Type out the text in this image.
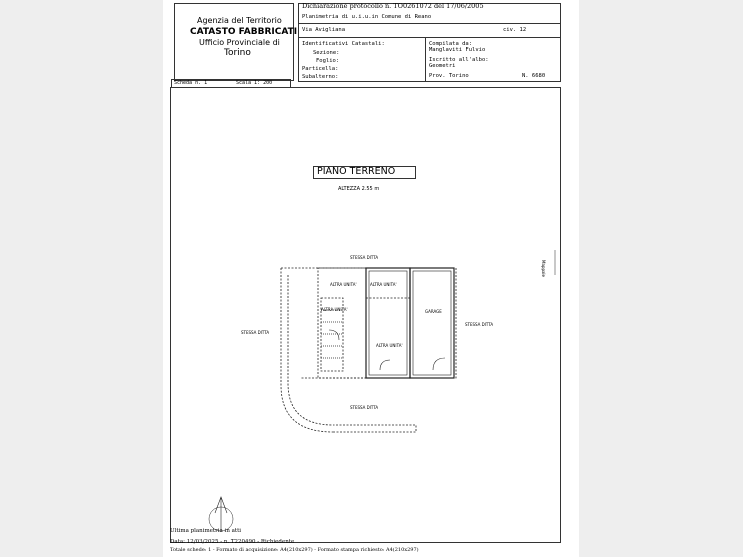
Agenzia del Territorio
CATASTO FABBRICATI
Ufficio Provinciale di
Torino
Dichiarazione protocollo n. TO0261072 del 17/06/2005
Planimetria di u.i.u.in Comune di Reano
Via Avigliana	civ. 12
Identificativi Catastali:
Sezione:
Foglio:
Particella:
Subalterno:
Compilata da:
Manglaviti Fulvio
Iscritto all'albo:
Geometri
Prov. Torino	N. 6680
Scheda n. 1	Scala 1: 200
PIANO TERRENO
ALTEZZA 2.55 m
STESSA DITTA
STESSA DITTA
STESSA DITTA
STESSA DITTA
ALTRA UNITA'	ALTRA UNITA'
ALTRA UNITA'
ALTRA UNITA'
GARAGE
Mappale
Ultima planimetria in atti
Data: 12/03/2025 - n. T220490 - Richiedente
Totale schede: 1 - Formato di acquisizione: A4(210x297) - Formato stampa richiesto: A4(210x297)
